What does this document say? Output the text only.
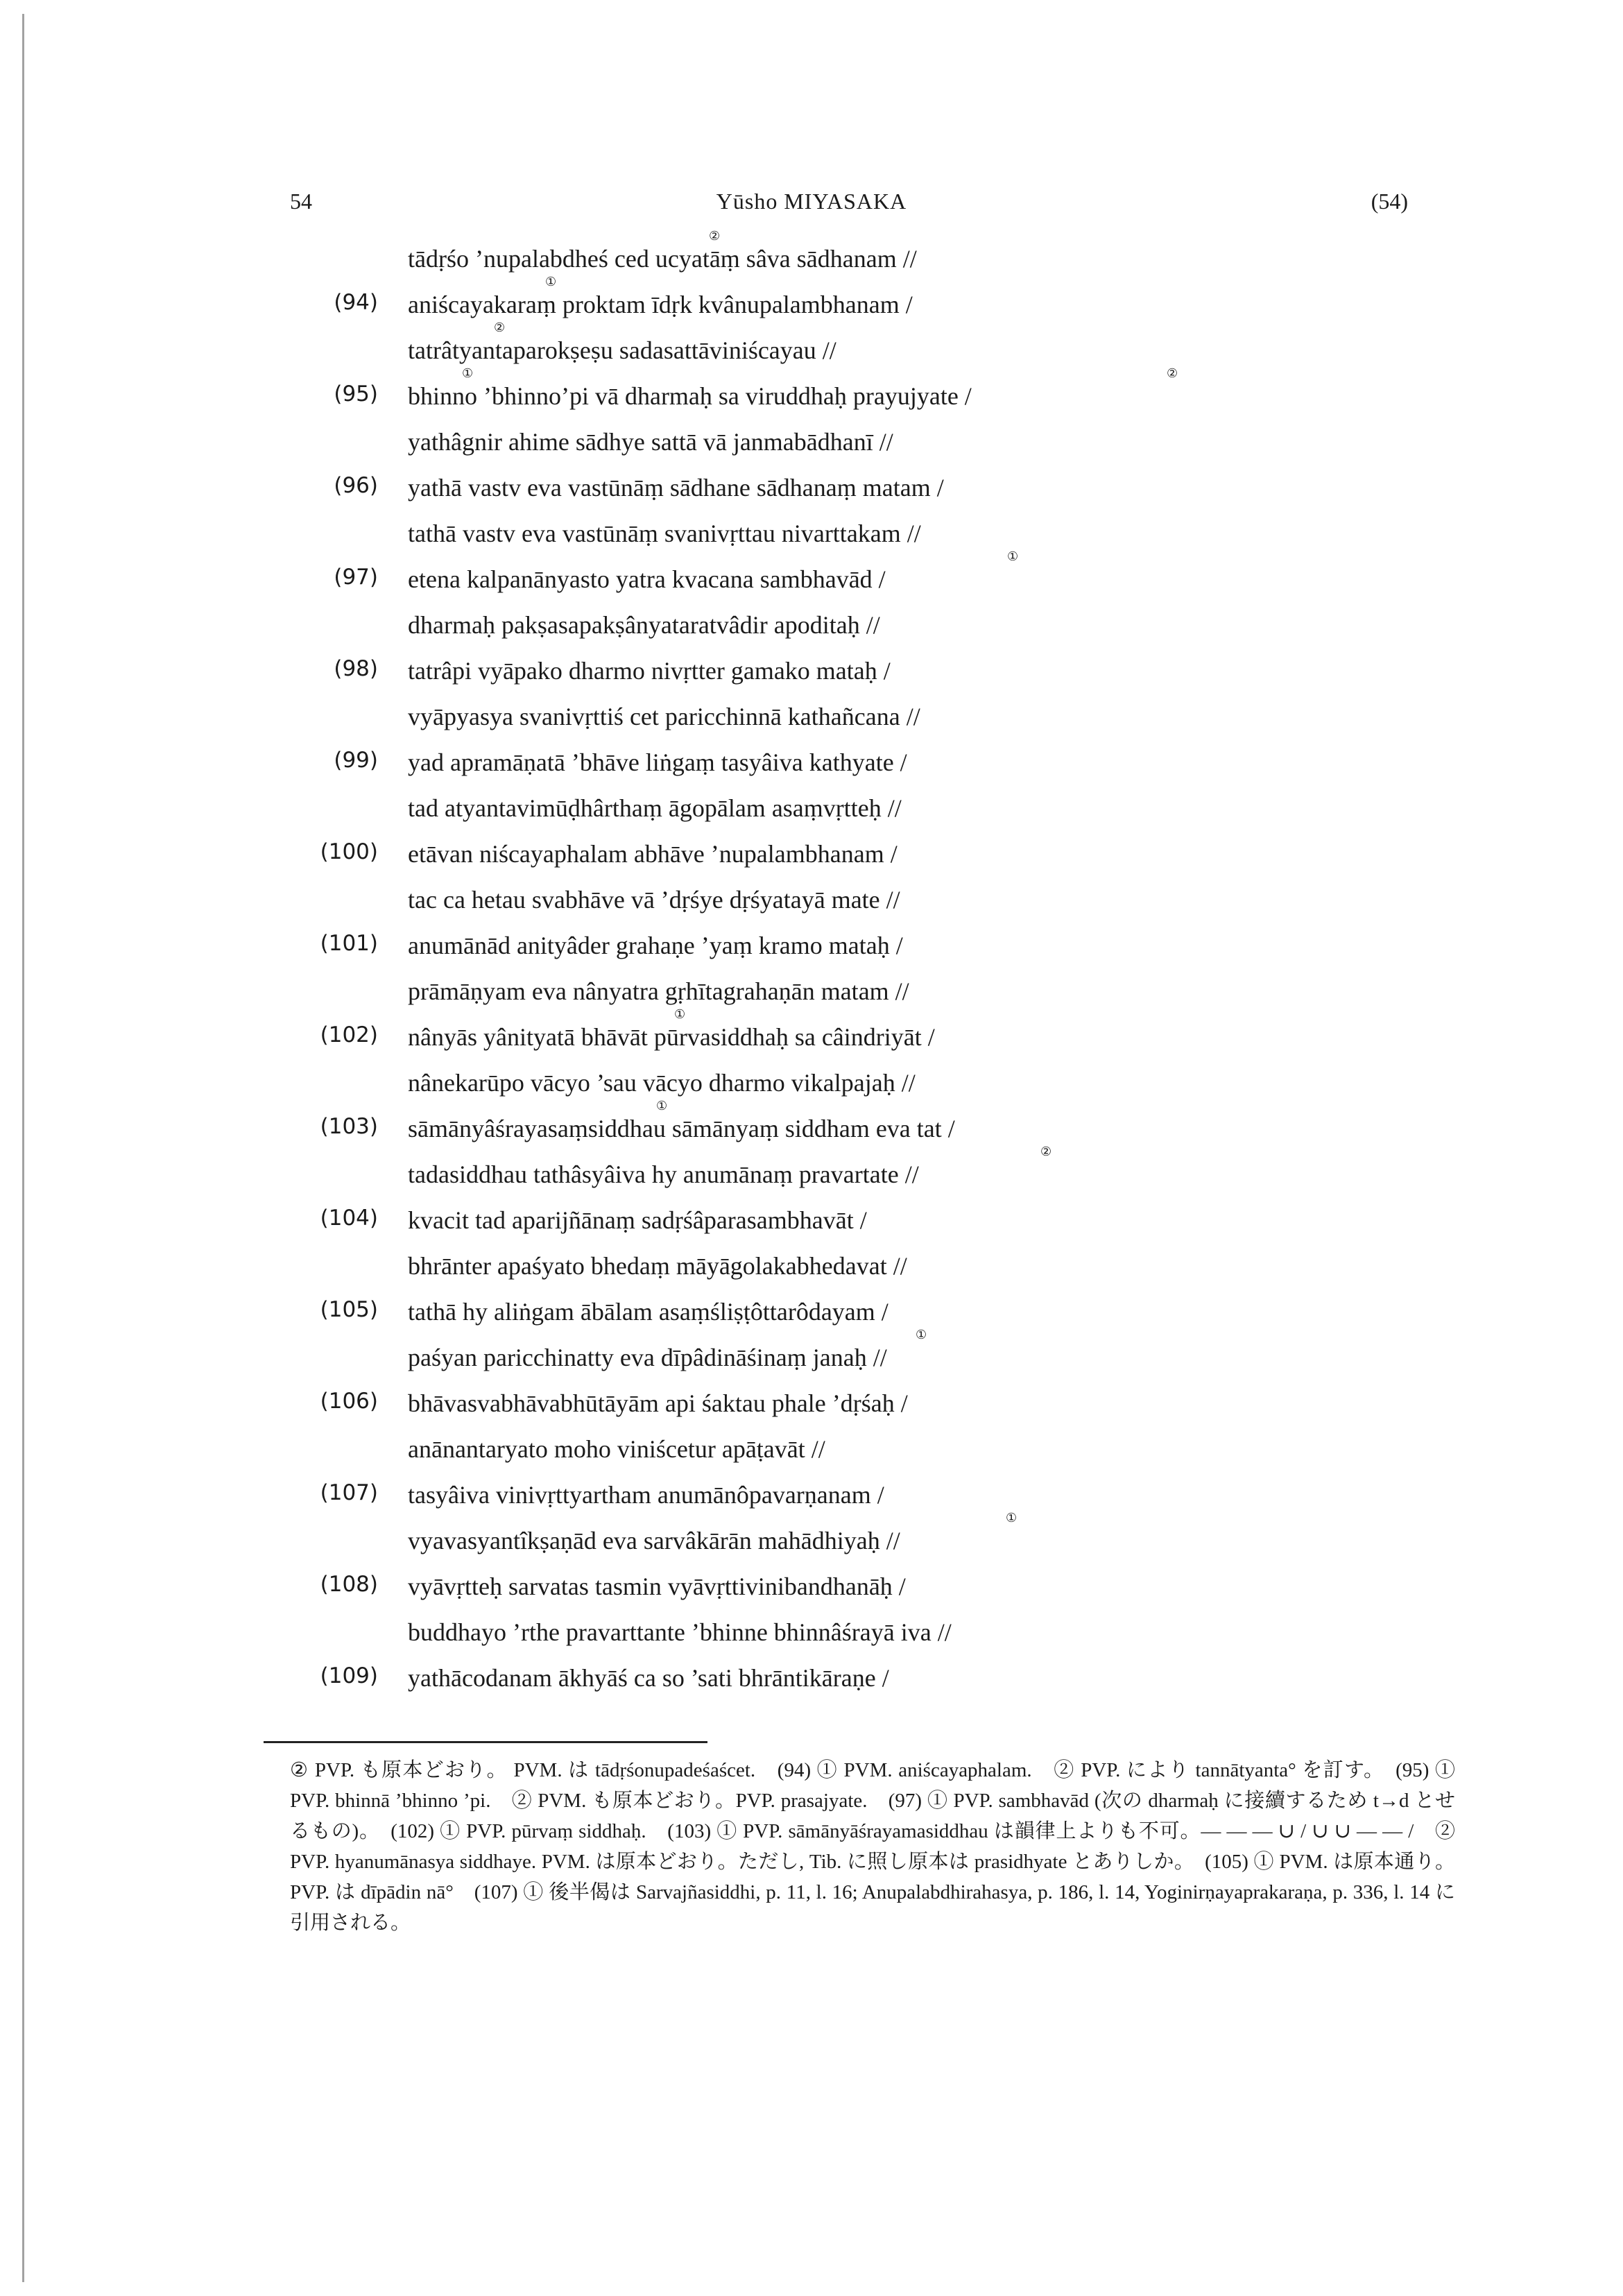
54	Yūsho MIYASAKA	(54)
tādṛśo ’nupalabdheś ced ucyatāṃ sâva sādhanam //
②
(94) aniścayakaraṃ proktam īdṛk kvânupalambhanam /
①
tatrâtyantaparokṣeṣu sadasattāviniścayau //
②
(95) bhinno ’bhinno’pi vā dharmaḥ sa viruddhaḥ prayujyate /
①	②
yathâgnir ahime sādhye sattā vā janmabādhanī //
(96) yathā vastv eva vastūnāṃ sādhane sādhanaṃ matam /
tathā vastv eva vastūnāṃ svanivṛttau nivarttakam //
(97) etena kalpanānyasto yatra kvacana sambhavād /
①
dharmaḥ pakṣasapakṣânyataratvâdir apoditaḥ //
(98) tatrâpi vyāpako dharmo nivṛtter gamako mataḥ /
vyāpyasya svanivṛttiś cet paricchinnā kathañcana //
(99) yad apramāṇatā ’bhāve liṅgaṃ tasyâiva kathyate /
tad atyantavimūḍhârthaṃ āgopālam asaṃvṛtteḥ //
(100) etāvan niścayaphalam abhāve ’nupalambhanam /
tac ca hetau svabhāve vā ’dṛśye dṛśyatayā mate //
(101) anumānād anityâder grahaṇe ’yaṃ kramo mataḥ /
prāmāṇyam eva nânyatra gṛhītagrahaṇān matam //
(102) nânyās yânityatā bhāvāt pūrvasiddhaḥ sa câindriyāt /
①
nânekarūpo vācyo ’sau vācyo dharmo vikalpajaḥ //
(103) sāmānyâśrayasaṃsiddhau sāmānyaṃ siddham eva tat /
①
tadasiddhau tathâsyâiva hy anumānaṃ pravartate //
②
(104) kvacit tad aparijñānaṃ sadṛśâparasambhavāt /
bhrānter apaśyato bhedaṃ māyāgolakabhedavat //
(105) tathā hy aliṅgam ābālam asaṃśliṣṭôttarôdayam /
paśyan paricchinatty eva dīpâdināśinaṃ janaḥ //
①
(106) bhāvasvabhāvabhūtāyām api śaktau phale ’dṛśaḥ /
anānantaryato moho viniścetur apāṭavāt //
(107) tasyâiva vinivṛttyartham anumānôpavarṇanam /
vyavasyantîkṣaṇād eva sarvâkārān mahādhiyaḥ //
①
(108) vyāvṛtteḥ sarvatas tasmin vyāvṛttivinibandhanāḥ /
buddhayo ’rthe pravarttante ’bhinne bhinnâśrayā iva //
(109) yathācodanam ākhyāś ca so ’sati bhrāntikāraṇe /
② PVP. も原本どおり。 PVM. は tādṛśonupadeśaścet.　(94) ① PVM. aniścayaphalam.　② PVP. により tannātyanta° を訂す。　(95) ① PVP. bhinnā ’bhinno ’pi.　② PVM. も原本どおり。PVP. prasajyate.　(97) ① PVP. sambhavād (次の dharmaḥ に接續するため t→d とせるもの)。　(102) ① PVP. pūrvaṃ siddhaḥ.　(103) ① PVP. sāmānyāśrayamasiddhau は韻律上よりも不可。— — — ∪ / ∪ ∪ — — /　② PVP. hyanumānasya siddhaye. PVM. は原本どおり。ただし, Tib. に照し原本は prasidhyate とありしか。　(105) ① PVM. は原本通り。PVP. は dīpādin nā°　(107) ① 後半偈は Sarvajñasiddhi, p. 11, l. 16; Anupalabdhirahasya, p. 186, l. 14, Yoginirṇayaprakaraṇa, p. 336, l. 14 に引用される。
